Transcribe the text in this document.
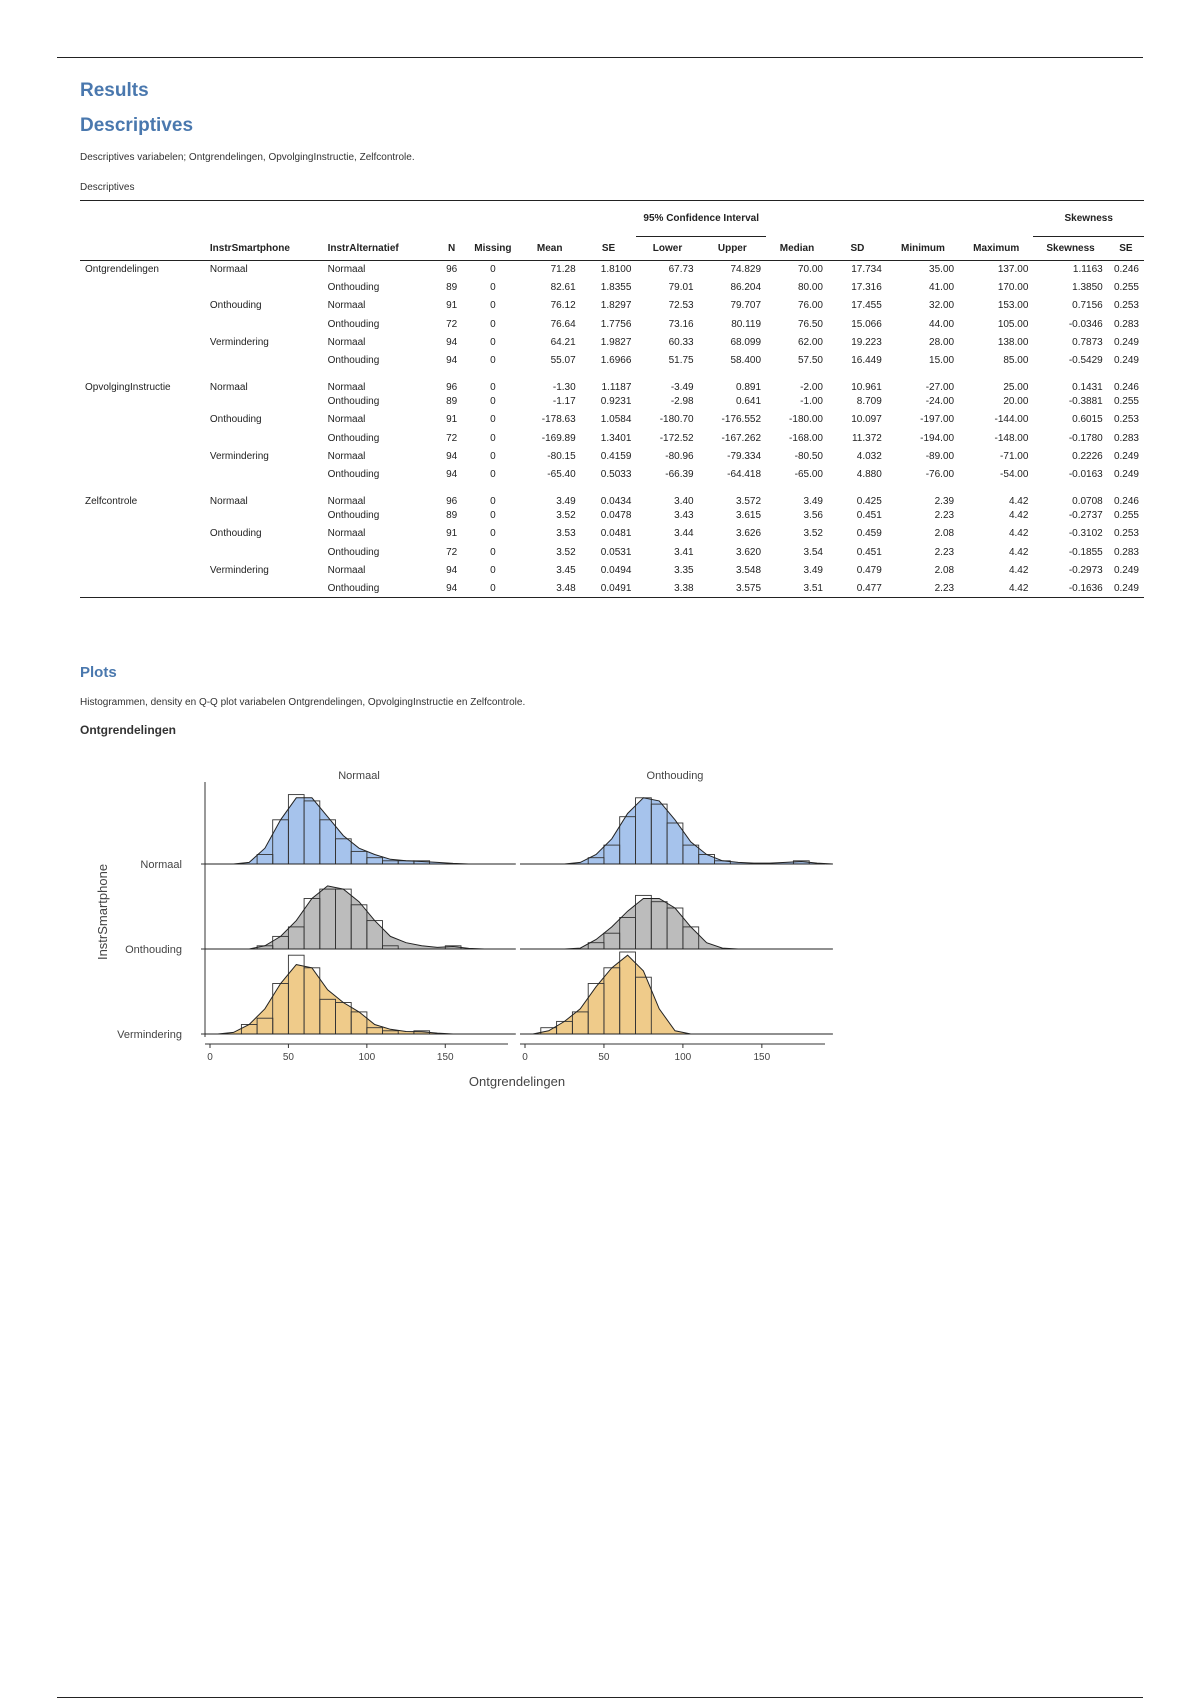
Results
Descriptives
Descriptives variabelen; Ontgrendelingen, OpvolgingInstructie, Zelfcontrole.
Descriptives
							95% Confidence Interval						Skewness	
	InstrSmartphone	InstrAlternatief	N	Missing	Mean	SE	Lower	Upper	Median	SD	Minimum	Maximum	Skewness	SE
Ontgrendelingen	Normaal	Normaal	96	0	71.28	1.8100	67.73	74.829	70.00	17.734	35.00	137.00	1.1163	0.246
		Onthouding	89	0	82.61	1.8355	79.01	86.204	80.00	17.316	41.00	170.00	1.3850	0.255
	Onthouding	Normaal	91	0	76.12	1.8297	72.53	79.707	76.00	17.455	32.00	153.00	0.7156	0.253
		Onthouding	72	0	76.64	1.7756	73.16	80.119	76.50	15.066	44.00	105.00	-0.0346	0.283
	Vermindering	Normaal	94	0	64.21	1.9827	60.33	68.099	62.00	19.223	28.00	138.00	0.7873	0.249
		Onthouding	94	0	55.07	1.6966	51.75	58.400	57.50	16.449	15.00	85.00	-0.5429	0.249
OpvolgingInstructie	Normaal	Normaal	96	0	-1.30	1.1187	-3.49	0.891	-2.00	10.961	-27.00	25.00	0.1431	0.246
		Onthouding	89	0	-1.17	0.9231	-2.98	0.641	-1.00	8.709	-24.00	20.00	-0.3881	0.255
	Onthouding	Normaal	91	0	-178.63	1.0584	-180.70	-176.552	-180.00	10.097	-197.00	-144.00	0.6015	0.253
		Onthouding	72	0	-169.89	1.3401	-172.52	-167.262	-168.00	11.372	-194.00	-148.00	-0.1780	0.283
	Vermindering	Normaal	94	0	-80.15	0.4159	-80.96	-79.334	-80.50	4.032	-89.00	-71.00	0.2226	0.249
		Onthouding	94	0	-65.40	0.5033	-66.39	-64.418	-65.00	4.880	-76.00	-54.00	-0.0163	0.249
Zelfcontrole	Normaal	Normaal	96	0	3.49	0.0434	3.40	3.572	3.49	0.425	2.39	4.42	0.0708	0.246
		Onthouding	89	0	3.52	0.0478	3.43	3.615	3.56	0.451	2.23	4.42	-0.2737	0.255
	Onthouding	Normaal	91	0	3.53	0.0481	3.44	3.626	3.52	0.459	2.08	4.42	-0.3102	0.253
		Onthouding	72	0	3.52	0.0531	3.41	3.620	3.54	0.451	2.23	4.42	-0.1855	0.283
	Vermindering	Normaal	94	0	3.45	0.0494	3.35	3.548	3.49	0.479	2.08	4.42	-0.2973	0.249
		Onthouding	94	0	3.48	0.0491	3.38	3.575	3.51	0.477	2.23	4.42	-0.1636	0.249
Plots
Histogrammen, density en Q-Q plot variabelen Ontgrendelingen, OpvolgingInstructie en Zelfcontrole.
Ontgrendelingen
Normaal	Onthouding
Normaal
Onthouding
Vermindering
InstrSmartphone
0	50	100	150	0	50	100	150
Ontgrendelingen
